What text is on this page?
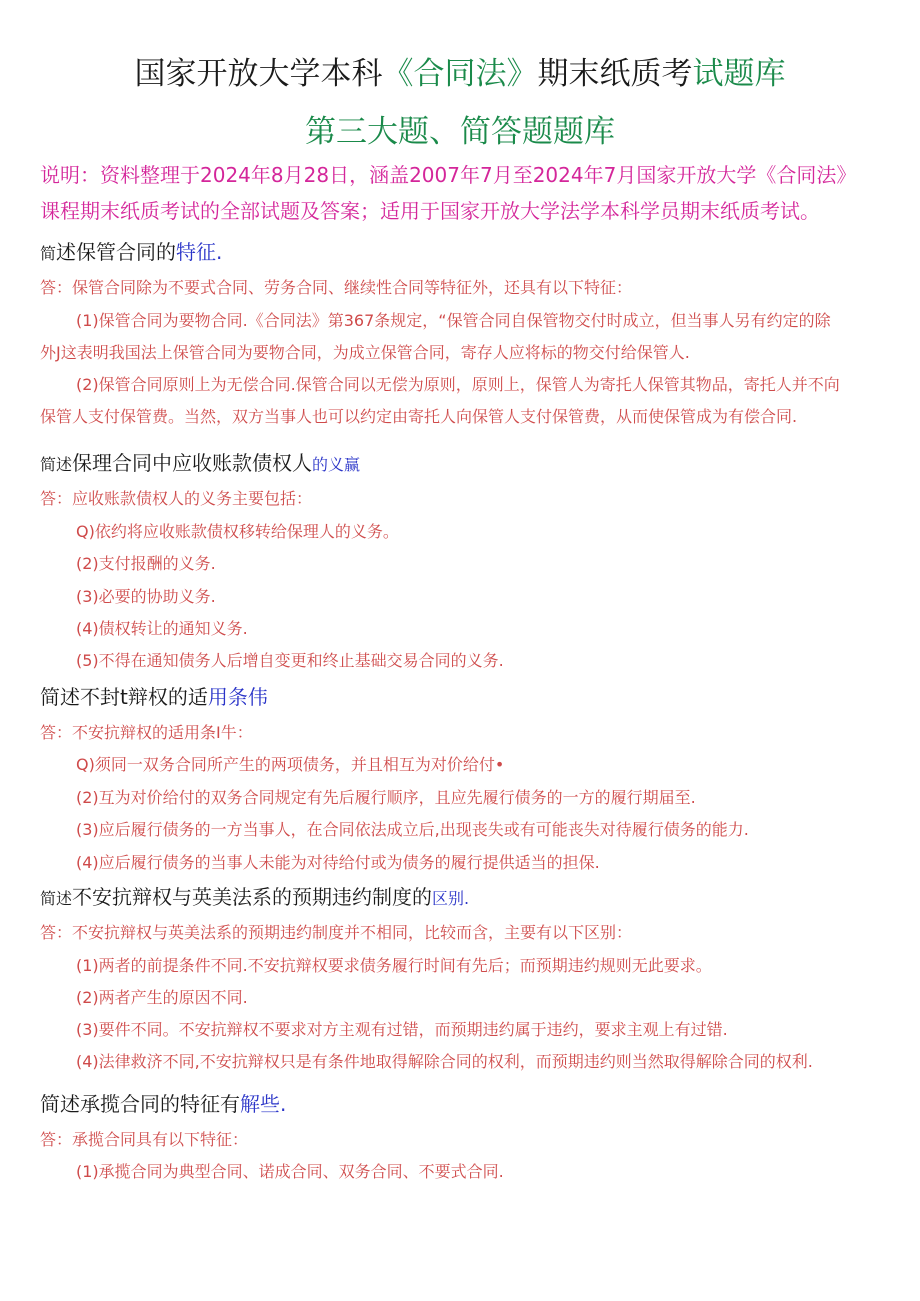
国家开放大学本科《合同法》期末纸质考试题库
第三大题、简答题题库
说明：资料整理于2024年8月28日，涵盖2007年7月至2024年7月国家开放大学《合同法》
课程期末纸质考试的全部试题及答案；适用于国家开放大学法学本科学员期末纸质考试。
简述保管合同的特征.
答：保管合同除为不要式合同、劳务合同、继续性合同等特征外，还具有以下特征：
(1)保管合同为要物合同.《合同法》第367条规定，“保管合同自保管物交付时成立，但当事人另有约定的除
外J这表明我国法上保管合同为要物合同，为成立保管合同，寄存人应将标的物交付给保管人.
(2)保管合同原则上为无偿合同.保管合同以无偿为原则，原则上，保管人为寄托人保管其物品，寄托人并不向
保管人支付保管费。当然，双方当事人也可以约定由寄托人向保管人支付保管费，从而使保管成为有偿合同.
简述保理合同中应收账款债权人的义赢
答：应收账款债权人的义务主要包括：
Q)依约将应收账款债权移转给保理人的义务。
(2)支付报酬的义务.
(3)必要的协助义务.
(4)债权转让的通知义务.
(5)不得在通知债务人后增自变更和终止基础交易合同的义务.
简述不封t辩权的适用条伟
答：不安抗辩权的适用条I牛：
Q)须同一双务合同所产生的两项债务，并且相互为对价给付•
(2)互为对价给付的双务合同规定有先后履行顺序，且应先履行债务的一方的履行期届至.
(3)应后履行债务的一方当事人，在合同依法成立后,出现丧失或有可能丧失对待履行债务的能力.
(4)应后履行债务的当事人未能为对待给付或为债务的履行提供适当的担保.
简述不安抗辩权与英美法系的预期违约制度的区别.
答：不安抗辩权与英美法系的预期违约制度并不相同，比较而含，主要有以下区别：
(1)两者的前提条件不同.不安抗辩权要求债务履行时间有先后；而预期违约规则无此要求。
(2)两者产生的原因不同.
(3)要件不同。不安抗辩权不要求对方主观有过错，而预期违约属于违约，要求主观上有过错.
(4)法律救济不同,不安抗辩权只是有条件地取得解除合同的权利，而预期违约则当然取得解除合同的权利.
简述承揽合同的特征有解些.
答：承揽合同具有以下特征：
(1)承揽合同为典型合同、诺成合同、双务合同、不要式合同.
